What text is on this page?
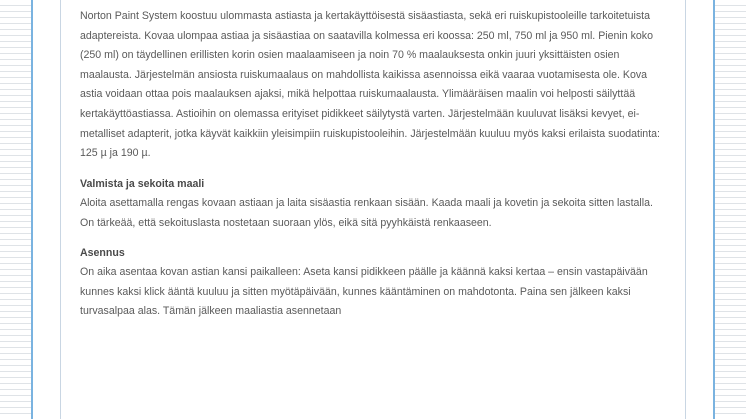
Norton Paint System koostuu ulommasta astiasta ja kertakäyttöisestä sisäastiasta, sekä eri ruiskupistooleille tarkoitetuista adaptereista. Kovaa ulompaa astiaa ja sisäastiaa on saatavilla kolmessa eri koossa: 250 ml, 750 ml ja 950 ml. Pienin koko (250 ml) on täydellinen erillisten korin osien maalaamiseen ja noin 70 % maalauksesta onkin juuri yksittäisten osien maalausta. Järjestelmän ansiosta ruiskumaalaus on mahdollista kaikissa asennoissa eikä vaaraa vuotamisesta ole. Kova astia voidaan ottaa pois maalauksen ajaksi, mikä helpottaa ruiskumaalausta. Ylimääräisen maalin voi helposti säilyttää kertakäyttöastiassa. Astioihin on olemassa erityiset pidikkeet säilytystä varten. Järjestelmään kuuluvat lisäksi kevyet, ei-metalliset adapterit, jotka käyvät kaikkiin yleisimpiin ruiskupistooleihin. Järjestelmään kuuluu myös kaksi erilaista suodatinta: 125 µ ja 190 µ.

Valmista ja sekoita maali

Aloita asettamalla rengas kovaan astiaan ja laita sisäastia renkaan sisään. Kaada maali ja kovetin ja sekoita sitten lastalla. On tärkeää, että sekoituslasta nostetaan suoraan ylös, eikä sitä pyyhkäistä renkaaseen.

Asennus

On aika asentaa kovan astian kansi paikalleen: Aseta kansi pidikkeen päälle ja käännä kaksi kertaa – ensin vastapäivään kunnes kaksi klick ääntä kuuluu ja sitten myötäpäivään, kunnes kääntäminen on mahdotonta. Paina sen jälkeen kaksi turvasalpaa alas. Tämän jälkeen maaliastia asennetaan
